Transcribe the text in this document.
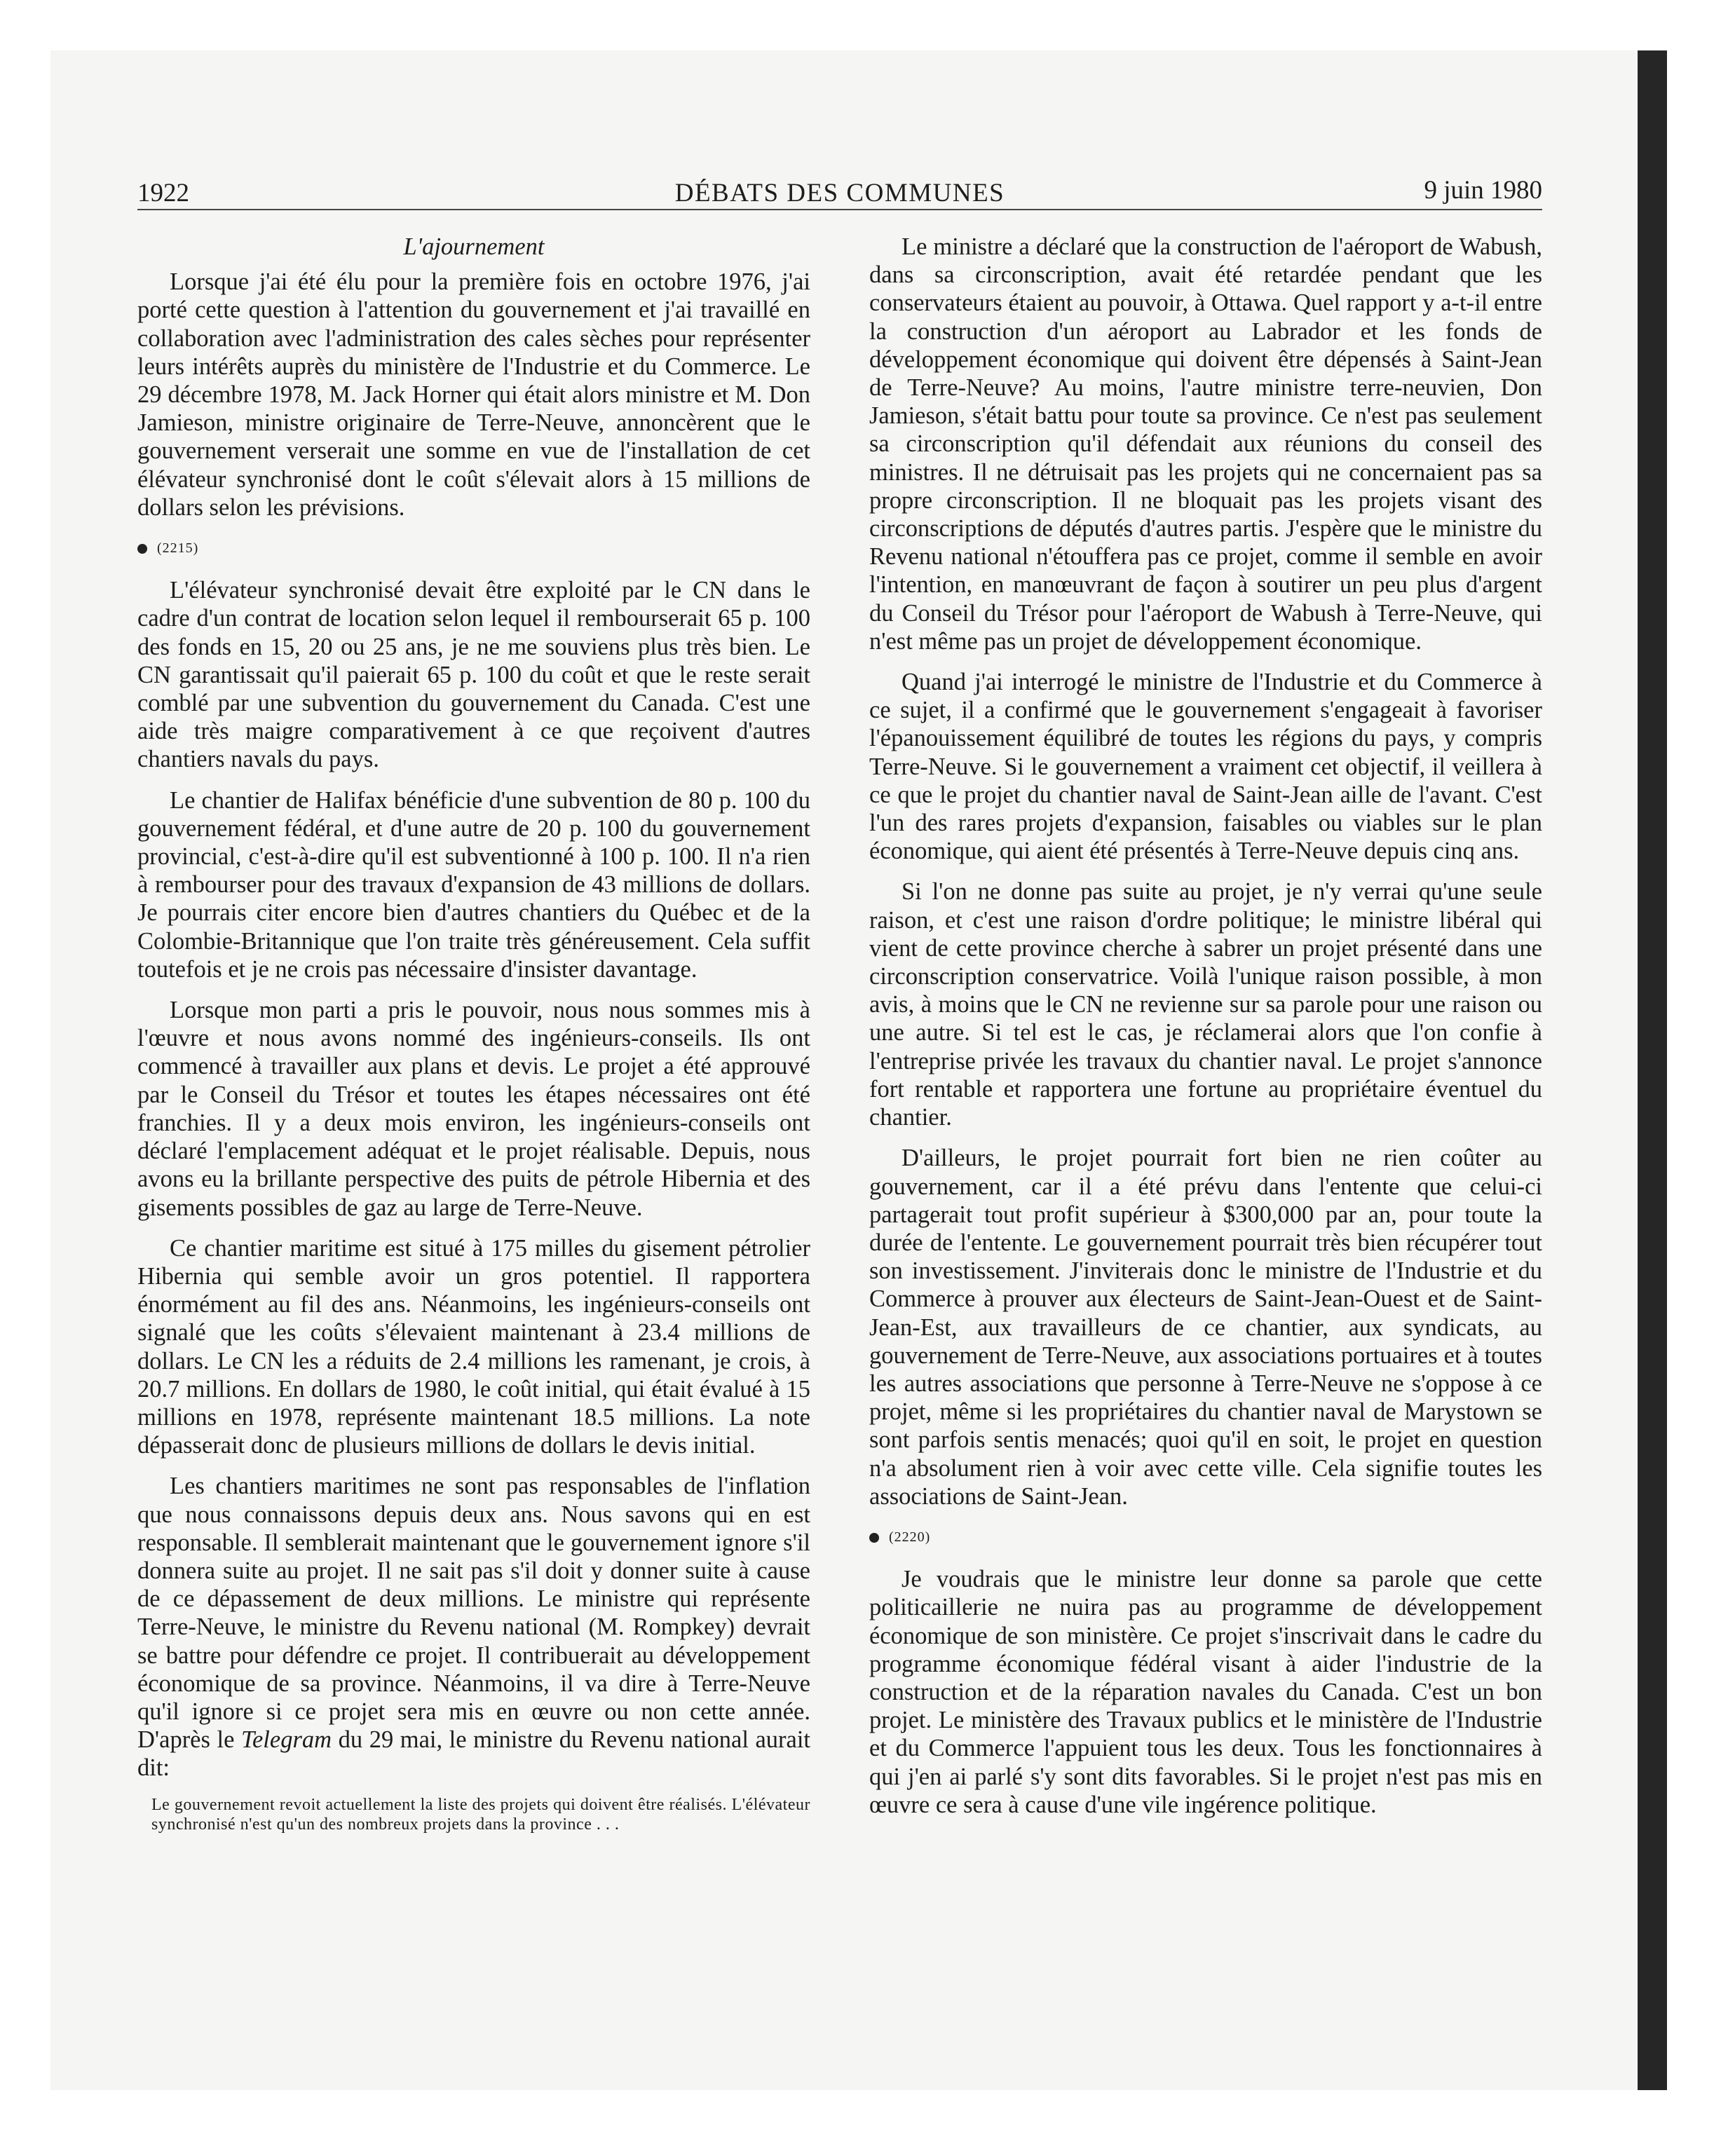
1922	DÉBATS DES COMMUNES	9 juin 1980
L'ajournement

Lorsque j'ai été élu pour la première fois en octobre 1976, j'ai porté cette question à l'attention du gouvernement et j'ai travaillé en collaboration avec l'administration des cales sèches pour représenter leurs intérêts auprès du ministère de l'Industrie et du Commerce. Le 29 décembre 1978, M. Jack Horner qui était alors ministre et M. Don Jamieson, ministre originaire de Terre-Neuve, annoncèrent que le gouvernement verserait une somme en vue de l'installation de cet élévateur synchronisé dont le coût s'élevait alors à 15 millions de dollars selon les prévisions.

(2215)

L'élévateur synchronisé devait être exploité par le CN dans le cadre d'un contrat de location selon lequel il rembourserait 65 p. 100 des fonds en 15, 20 ou 25 ans, je ne me souviens plus très bien. Le CN garantissait qu'il paierait 65 p. 100 du coût et que le reste serait comblé par une subvention du gouvernement du Canada. C'est une aide très maigre comparativement à ce que reçoivent d'autres chantiers navals du pays.

Le chantier de Halifax bénéficie d'une subvention de 80 p. 100 du gouvernement fédéral, et d'une autre de 20 p. 100 du gouvernement provincial, c'est-à-dire qu'il est subventionné à 100 p. 100. Il n'a rien à rembourser pour des travaux d'expansion de 43 millions de dollars. Je pourrais citer encore bien d'autres chantiers du Québec et de la Colombie-Britannique que l'on traite très généreusement. Cela suffit toutefois et je ne crois pas nécessaire d'insister davantage.

Lorsque mon parti a pris le pouvoir, nous nous sommes mis à l'œuvre et nous avons nommé des ingénieurs-conseils. Ils ont commencé à travailler aux plans et devis. Le projet a été approuvé par le Conseil du Trésor et toutes les étapes nécessaires ont été franchies. Il y a deux mois environ, les ingénieurs-conseils ont déclaré l'emplacement adéquat et le projet réalisable. Depuis, nous avons eu la brillante perspective des puits de pétrole Hibernia et des gisements possibles de gaz au large de Terre-Neuve.

Ce chantier maritime est situé à 175 milles du gisement pétrolier Hibernia qui semble avoir un gros potentiel. Il rapportera énormément au fil des ans. Néanmoins, les ingénieurs-conseils ont signalé que les coûts s'élevaient maintenant à 23.4 millions de dollars. Le CN les a réduits de 2.4 millions les ramenant, je crois, à 20.7 millions. En dollars de 1980, le coût initial, qui était évalué à 15 millions en 1978, représente maintenant 18.5 millions. La note dépasserait donc de plusieurs millions de dollars le devis initial.

Les chantiers maritimes ne sont pas responsables de l'inflation que nous connaissons depuis deux ans. Nous savons qui en est responsable. Il semblerait maintenant que le gouvernement ignore s'il donnera suite au projet. Il ne sait pas s'il doit y donner suite à cause de ce dépassement de deux millions. Le ministre qui représente Terre-Neuve, le ministre du Revenu national (M. Rompkey) devrait se battre pour défendre ce projet. Il contribuerait au développement économique de sa province. Néanmoins, il va dire à Terre-Neuve qu'il ignore si ce projet sera mis en œuvre ou non cette année. D'après le Telegram du 29 mai, le ministre du Revenu national aurait dit:

Le gouvernement revoit actuellement la liste des projets qui doivent être réalisés. L'élévateur synchronisé n'est qu'un des nombreux projets dans la province . . .

Le ministre a déclaré que la construction de l'aéroport de Wabush, dans sa circonscription, avait été retardée pendant que les conservateurs étaient au pouvoir, à Ottawa. Quel rapport y a-t-il entre la construction d'un aéroport au Labrador et les fonds de développement économique qui doivent être dépensés à Saint-Jean de Terre-Neuve? Au moins, l'autre ministre terre-neuvien, Don Jamieson, s'était battu pour toute sa province. Ce n'est pas seulement sa circonscription qu'il défendait aux réunions du conseil des ministres. Il ne détruisait pas les projets qui ne concernaient pas sa propre circonscription. Il ne bloquait pas les projets visant des circonscriptions de députés d'autres partis. J'espère que le ministre du Revenu national n'étouffera pas ce projet, comme il semble en avoir l'intention, en manœuvrant de façon à soutirer un peu plus d'argent du Conseil du Trésor pour l'aéroport de Wabush à Terre-Neuve, qui n'est même pas un projet de développement économique.

Quand j'ai interrogé le ministre de l'Industrie et du Commerce à ce sujet, il a confirmé que le gouvernement s'engageait à favoriser l'épanouissement équilibré de toutes les régions du pays, y compris Terre-Neuve. Si le gouvernement a vraiment cet objectif, il veillera à ce que le projet du chantier naval de Saint-Jean aille de l'avant. C'est l'un des rares projets d'expansion, faisables ou viables sur le plan économique, qui aient été présentés à Terre-Neuve depuis cinq ans.

Si l'on ne donne pas suite au projet, je n'y verrai qu'une seule raison, et c'est une raison d'ordre politique; le ministre libéral qui vient de cette province cherche à sabrer un projet présenté dans une circonscription conservatrice. Voilà l'unique raison possible, à mon avis, à moins que le CN ne revienne sur sa parole pour une raison ou une autre. Si tel est le cas, je réclamerai alors que l'on confie à l'entreprise privée les travaux du chantier naval. Le projet s'annonce fort rentable et rapportera une fortune au propriétaire éventuel du chantier.

D'ailleurs, le projet pourrait fort bien ne rien coûter au gouvernement, car il a été prévu dans l'entente que celui-ci partagerait tout profit supérieur à $300,000 par an, pour toute la durée de l'entente. Le gouvernement pourrait très bien récupérer tout son investissement. J'inviterais donc le ministre de l'Industrie et du Commerce à prouver aux électeurs de Saint-Jean-Ouest et de Saint-Jean-Est, aux travailleurs de ce chantier, aux syndicats, au gouvernement de Terre-Neuve, aux associations portuaires et à toutes les autres associations que personne à Terre-Neuve ne s'oppose à ce projet, même si les propriétaires du chantier naval de Marystown se sont parfois sentis menacés; quoi qu'il en soit, le projet en question n'a absolument rien à voir avec cette ville. Cela signifie toutes les associations de Saint-Jean.

(2220)

Je voudrais que le ministre leur donne sa parole que cette politicaillerie ne nuira pas au programme de développement économique de son ministère. Ce projet s'inscrivait dans le cadre du programme économique fédéral visant à aider l'industrie de la construction et de la réparation navales du Canada. C'est un bon projet. Le ministère des Travaux publics et le ministère de l'Industrie et du Commerce l'appuient tous les deux. Tous les fonctionnaires à qui j'en ai parlé s'y sont dits favorables. Si le projet n'est pas mis en œuvre ce sera à cause d'une vile ingérence politique.
